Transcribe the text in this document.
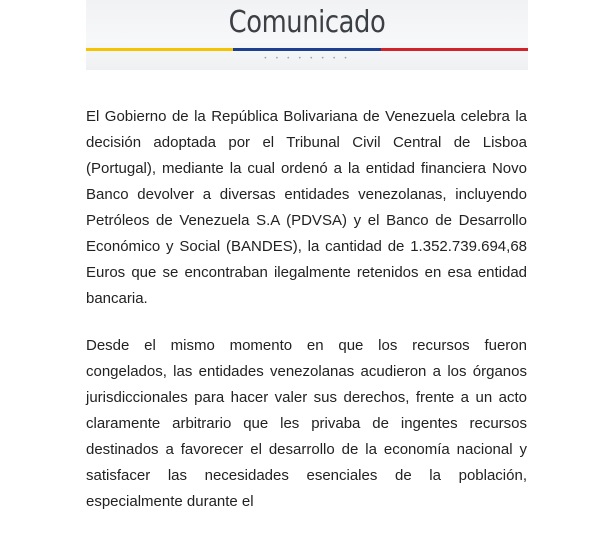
Comunicado
• • • • • • • •

El Gobierno de la República Bolivariana de Venezuela celebra la decisión adoptada por el Tribunal Civil Central de Lisboa (Portugal), mediante la cual ordenó a la entidad financiera Novo Banco devolver a diversas entidades venezolanas, incluyendo Petróleos de Venezuela S.A (PDVSA) y el Banco de Desarrollo Económico y Social (BANDES), la cantidad de 1.352.739.694,68 Euros que se encontraban ilegalmente retenidos en esa entidad bancaria.

Desde el mismo momento en que los recursos fueron congelados, las entidades venezolanas acudieron a los órganos jurisdiccionales para hacer valer sus derechos, frente a un acto claramente arbitrario que les privaba de ingentes recursos destinados a favorecer el desarrollo de la economía nacional y satisfacer las necesidades esenciales de la población, especialmente durante el
